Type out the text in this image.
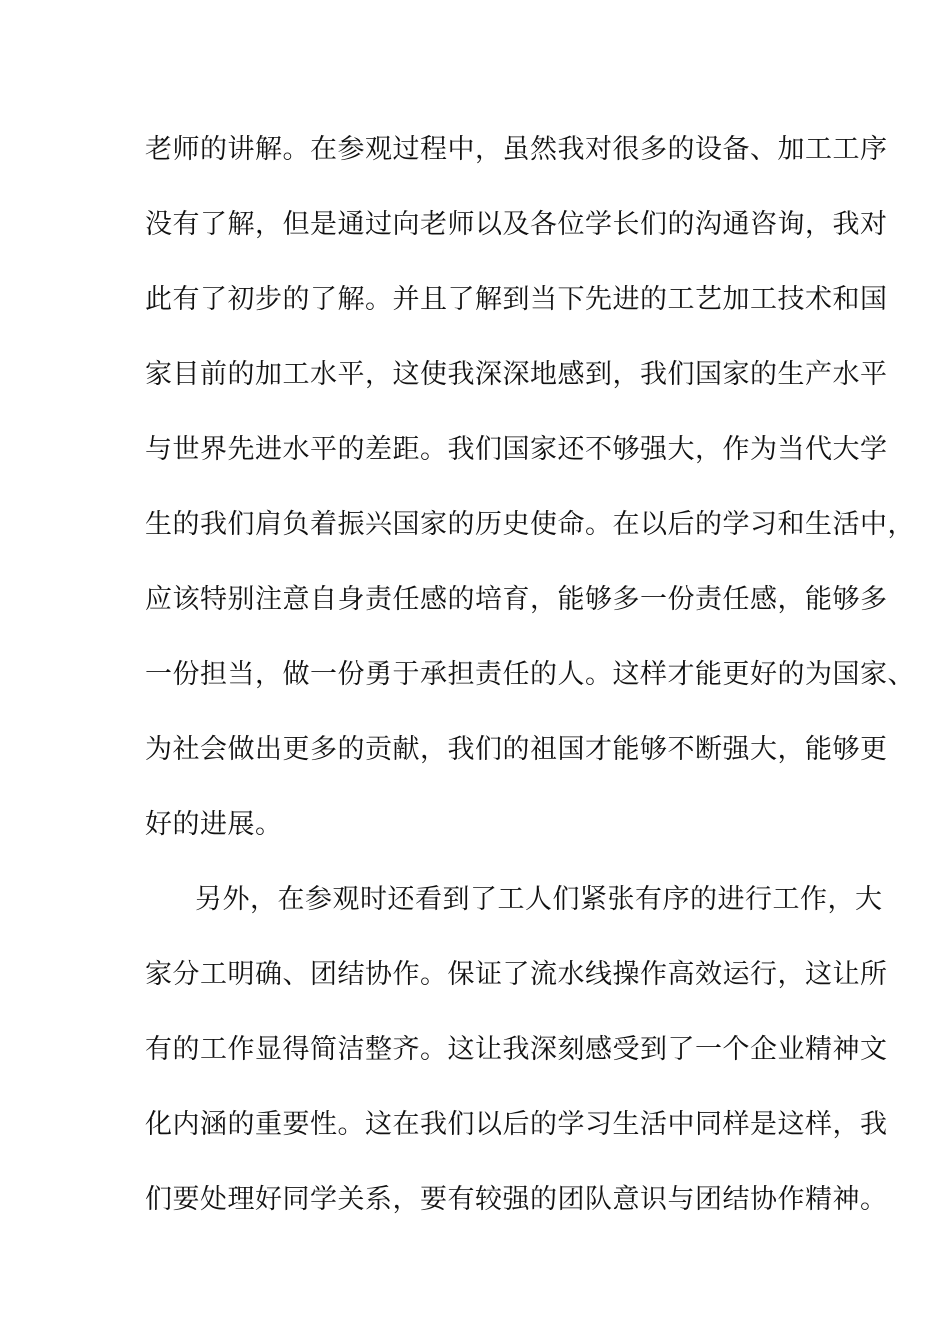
老师的讲解。在参观过程中，虽然我对很多的设备、加工工序
没有了解，但是通过向老师以及各位学长们的沟通咨询，我对
此有了初步的了解。并且了解到当下先进的工艺加工技术和国
家目前的加工水平，这使我深深地感到，我们国家的生产水平
与世界先进水平的差距。我们国家还不够强大，作为当代大学
生的我们肩负着振兴国家的历史使命。在以后的学习和生活中，
应该特别注意自身责任感的培育，能够多一份责任感，能够多
一份担当，做一份勇于承担责任的人。这样才能更好的为国家、
为社会做出更多的贡献，我们的祖国才能够不断强大，能够更
好的进展。
另外，在参观时还看到了工人们紧张有序的进行工作，大
家分工明确、团结协作。保证了流水线操作高效运行，这让所
有的工作显得简洁整齐。这让我深刻感受到了一个企业精神文
化内涵的重要性。这在我们以后的学习生活中同样是这样，我
们要处理好同学关系，要有较强的团队意识与团结协作精神。
